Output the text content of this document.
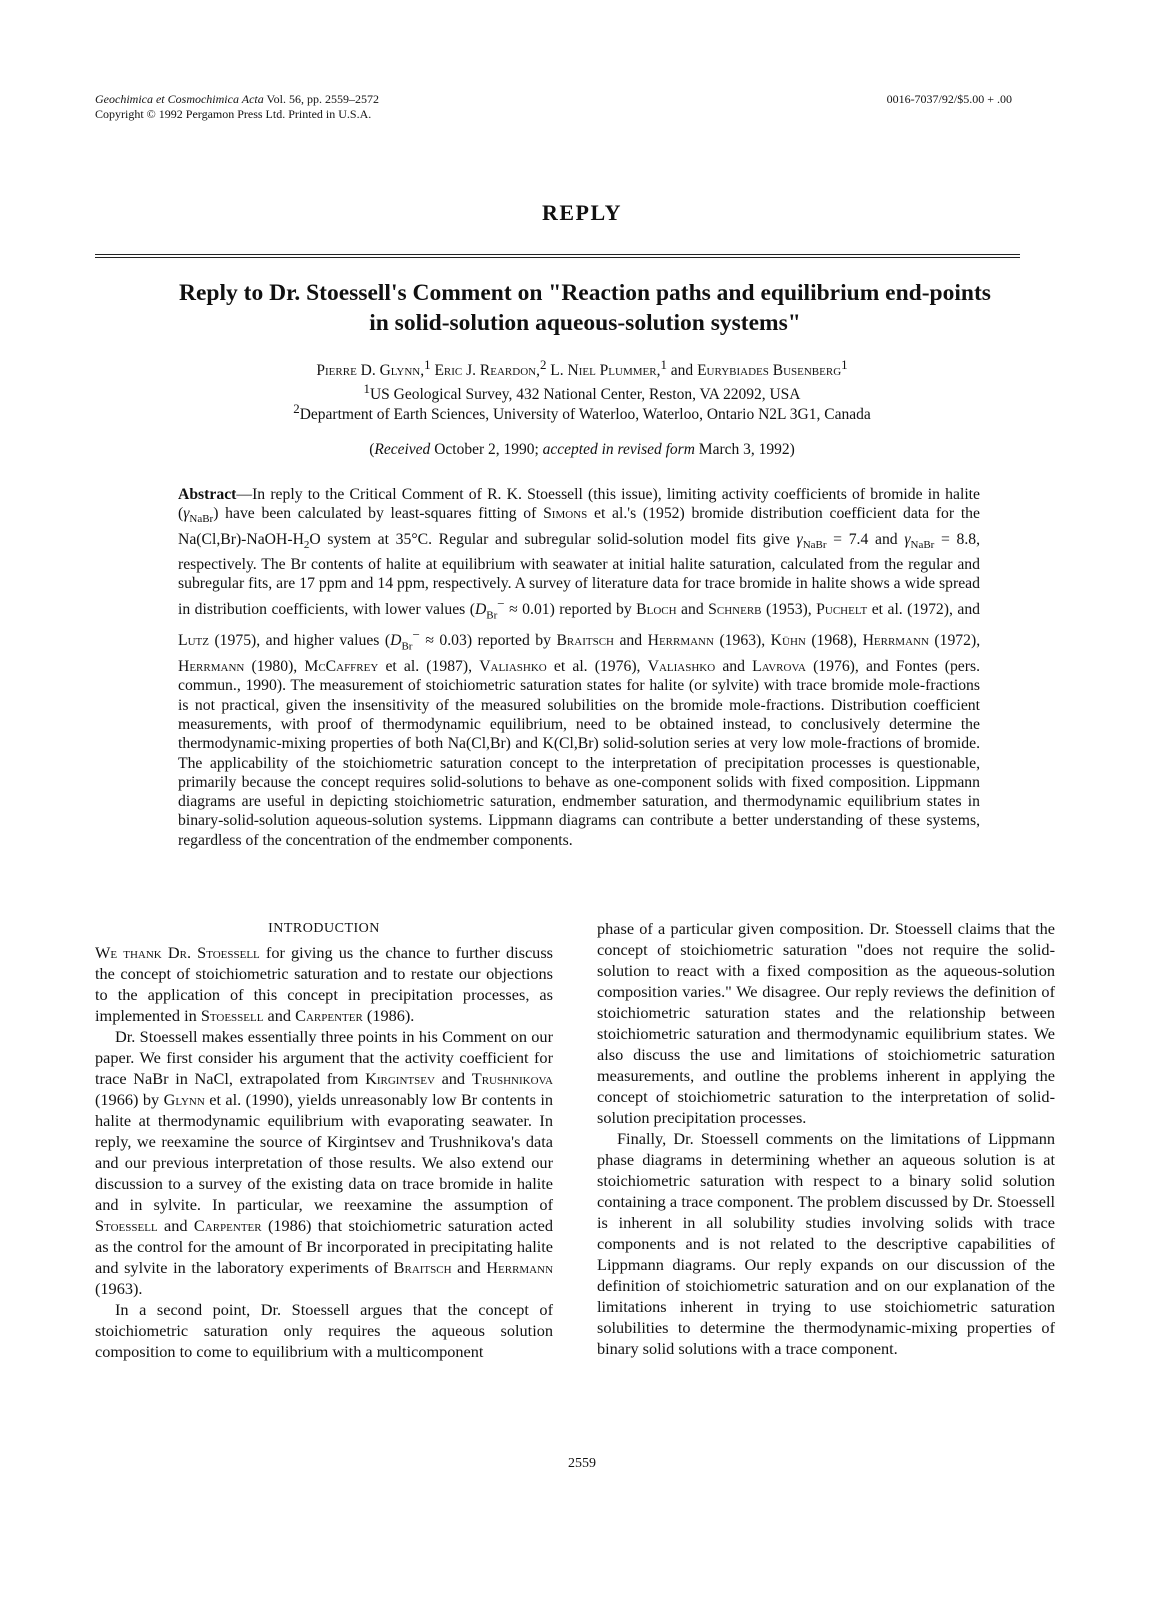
Geochimica et Cosmochimica Acta Vol. 56, pp. 2559–2572
Copyright © 1992 Pergamon Press Ltd. Printed in U.S.A.
0016-7037/92/$5.00 + .00
REPLY
Reply to Dr. Stoessell's Comment on "Reaction paths and equilibrium end-points
in solid-solution aqueous-solution systems"
Pierre D. Glynn,$^1$ Eric J. Reardon,$^2$ L. Niel Plummer,$^1$ and Eurybiades Busenberg$^1$
$^1$US Geological Survey, 432 National Center, Reston, VA 22092, USA
$^2$Department of Earth Sciences, University of Waterloo, Waterloo, Ontario N2L 3G1, Canada
(Received October 2, 1990; accepted in revised form March 3, 1992)
Abstract—In reply to the Critical Comment of R. K. Stoessell (this issue), limiting activity coefficients of bromide in halite $(\gamma_{NaBr})$ have been calculated by least-squares fitting of Simons et al.'s (1952) bromide distribution coefficient data for the $Na(Cl,Br)-NaOH-H_2O$ system at 35°C. Regular and subregular solid-solution model fits give $\gamma_{NaBr} = 7.4$ and $\gamma_{NaBr} = 8.8$, respectively. The Br contents of halite at equilibrium with seawater at initial halite saturation, calculated from the regular and subregular fits, are 17 ppm and 14 ppm, respectively. A survey of literature data for trace bromide in halite shows a wide spread in distribution coefficients, with lower values $(D_{Br}^- \approx 0.01)$ reported by Bloch and Schnerb (1953), Puchelt et al. (1972), and Lutz (1975), and higher values $(D_{Br}^- \approx 0.03)$ reported by Braitsch and Herrmann (1963), Kühn (1968), Herrmann (1972), Herrmann (1980), McCaffrey et al. (1987), Valiashko et al. (1976), Valiashko and Lavrova (1976), and Fontes (pers. commun., 1990). The measurement of stoichiometric saturation states for halite (or sylvite) with trace bromide mole-fractions is not practical, given the insensitivity of the measured solubilities on the bromide mole-fractions. Distribution coefficient measurements, with proof of thermodynamic equilibrium, need to be obtained instead, to conclusively determine the thermodynamic-mixing properties of both Na(Cl,Br) and K(Cl,Br) solid-solution series at very low mole-fractions of bromide. The applicability of the stoichiometric saturation concept to the interpretation of precipitation processes is questionable, primarily because the concept requires solid-solutions to behave as one-component solids with fixed composition. Lippmann diagrams are useful in depicting stoichiometric saturation, endmember saturation, and thermodynamic equilibrium states in binary-solid-solution aqueous-solution systems. Lippmann diagrams can contribute a better understanding of these systems, regardless of the concentration of the endmember components.
INTRODUCTION

We thank Dr. Stoessell for giving us the chance to further discuss the concept of stoichiometric saturation and to restate our objections to the application of this concept in precipitation processes, as implemented in Stoessell and Carpenter (1986).

Dr. Stoessell makes essentially three points in his Comment on our paper. We first consider his argument that the activity coefficient for trace NaBr in NaCl, extrapolated from Kirgintsev and Trushnikova (1966) by Glynn et al. (1990), yields unreasonably low Br contents in halite at thermodynamic equilibrium with evaporating seawater. In reply, we reexamine the source of Kirgintsev and Trushnikova's data and our previous interpretation of those results. We also extend our discussion to a survey of the existing data on trace bromide in halite and in sylvite. In particular, we reexamine the assumption of Stoessell and Carpenter (1986) that stoichiometric saturation acted as the control for the amount of Br incorporated in precipitating halite and sylvite in the laboratory experiments of Braitsch and Herrmann (1963).

In a second point, Dr. Stoessell argues that the concept of stoichiometric saturation only requires the aqueous solution composition to come to equilibrium with a multicomponent

phase of a particular given composition. Dr. Stoessell claims that the concept of stoichiometric saturation "does not require the solid-solution to react with a fixed composition as the aqueous-solution composition varies." We disagree. Our reply reviews the definition of stoichiometric saturation states and the relationship between stoichiometric saturation and thermodynamic equilibrium states. We also discuss the use and limitations of stoichiometric saturation measurements, and outline the problems inherent in applying the concept of stoichiometric saturation to the interpretation of solid-solution precipitation processes.

Finally, Dr. Stoessell comments on the limitations of Lippmann phase diagrams in determining whether an aqueous solution is at stoichiometric saturation with respect to a binary solid solution containing a trace component. The problem discussed by Dr. Stoessell is inherent in all solubility studies involving solids with trace components and is not related to the descriptive capabilities of Lippmann diagrams. Our reply expands on our discussion of the definition of stoichiometric saturation and on our explanation of the limitations inherent in trying to use stoichiometric saturation solubilities to determine the thermodynamic-mixing properties of binary solid solutions with a trace component.

2559
